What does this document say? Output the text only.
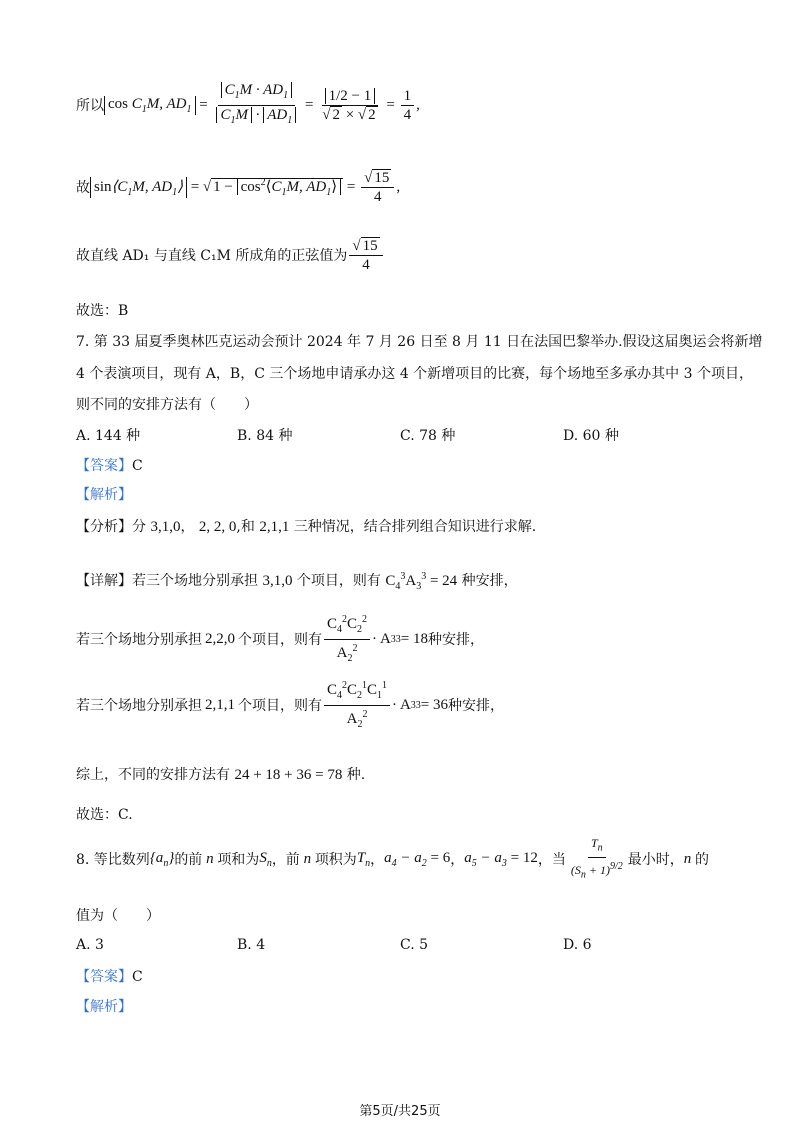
所以 $\cos C_1M$, $AD_1 = \frac{C_1M \cdot AD_1}{C_1M \cdot AD_1} = \frac{1/2 - 1}{√ 2 \times √ 2} = \frac{1}{4}$ ,
故 $\sin⟨C_1M$, $AD_1⟩$ = √ $1 - \cos^2⟨C_1M$, $AD_1⟩ = \frac{√ 15}{4}$ ,
故直线 AD₁ 与直线 C₁M 所成角的正弦值为 $\frac{√ 15}{4}$
故选：B
7. 第 33 届夏季奥林匹克运动会预计 2024 年 7 月 26 日至 8 月 11 日在法国巴黎举办.假设这届奥运会将新增
4 个表演项目，现有 A，B，C 三个场地申请承办这 4 个新增项目的比赛，每个场地至多承办其中 3 个项目，
则不同的安排方法有（　　）
A. 144 种	B. 84 种	C. 78 种	D. 60 种
【答案】C
【解析】
【分析】分 3,1,0， 2, 2, 0,和 2,1,1 三种情况，结合排列组合知识进行求解.
【详解】若三个场地分别承担 3,1,0 个项目，则有 $C_4^3A_3^3 = 24$ 种安排，
若三个场地分别承担 2,2,0 个项目，则有 $\frac{C_4^2C_2^2}{A_2^2} \cdot A$ 3 3 = 18 种安排，
若三个场地分别承担 2,1,1 个项目，则有 $\frac{C_4^2C_2^1C_1^1}{A_2^2} \cdot A$ 3 3 = 36 种安排，
综上，不同的安排方法有 24 + 18 + 36 = 78 种.
故选：C.
8. 等比数列 $\{a_n\}$ 的前 n 项和为 $S_n$ ，前 n 项积为 $T_n$ ， $a_4 - a_2 = 6$ ， $a_5 - a_3 = 12$ ，当 $\frac{T_n}{(S_n + 1)^{9/2}}$ 最小时， n 的
值为（　　）
A. 3	B. 4	C. 5	D. 6
【答案】C
【解析】
第5页/共25页
